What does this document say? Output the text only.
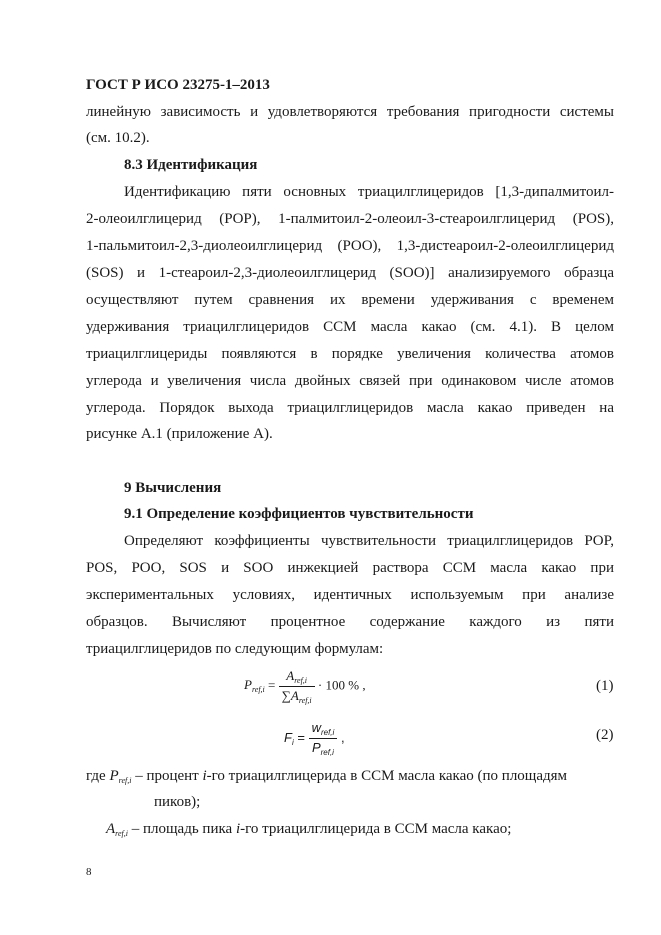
ГОСТ Р ИСО 23275-1–2013
линейную зависимость и удовлетворяются требования пригодности системы
(см. 10.2).
8.3 Идентификация
Идентификацию пяти основных триацилглицеридов [1,3-дипалмитоил-
2-олеоилглицерид (POP), 1-палмитоил-2-олеоил-3-стеароилглицерид (POS),
1-пальмитоил-2,3-диолеоилглицерид (POO), 1,3-дистеароил-2-олеоилглицерид
(SOS) и 1-стеароил-2,3-диолеоилглицерид (SOO)] анализируемого образца
осуществляют путем сравнения их времени удерживания с временем
удерживания триацилглицеридов ССМ масла какао (см. 4.1). В целом
триацилглицериды появляются в порядке увеличения количества атомов
углерода и увеличения числа двойных связей при одинаковом числе атомов
углерода. Порядок выхода триацилглицеридов масла какао приведен на
рисунке А.1 (приложение А).
9 Вычисления
9.1 Определение коэффициентов чувствительности
Определяют коэффициенты чувствительности триацилглицеридов POP,
POS, POO, SOS и SOO инжекцией раствора ССМ масла какао при
экспериментальных условиях, идентичных используемым при анализе
образцов. Вычисляют процентное содержание каждого из пяти
триацилглицеридов по следующим формулам:
$P_{ref,i} = \frac{A_{ref,i}}{\sum A_{ref,i}} \cdot 100$ % ,	(1)
$F_i = \frac{w_{ref,i}}{P_{ref,i}}$ ,	(2)
где $P_{ref,i}$ – процент i-го триацилглицерида в ССМ масла какао (по площадям
пиков);
$A_{ref,i}$ – площадь пика i-го триацилглицерида в ССМ масла какао;
8
